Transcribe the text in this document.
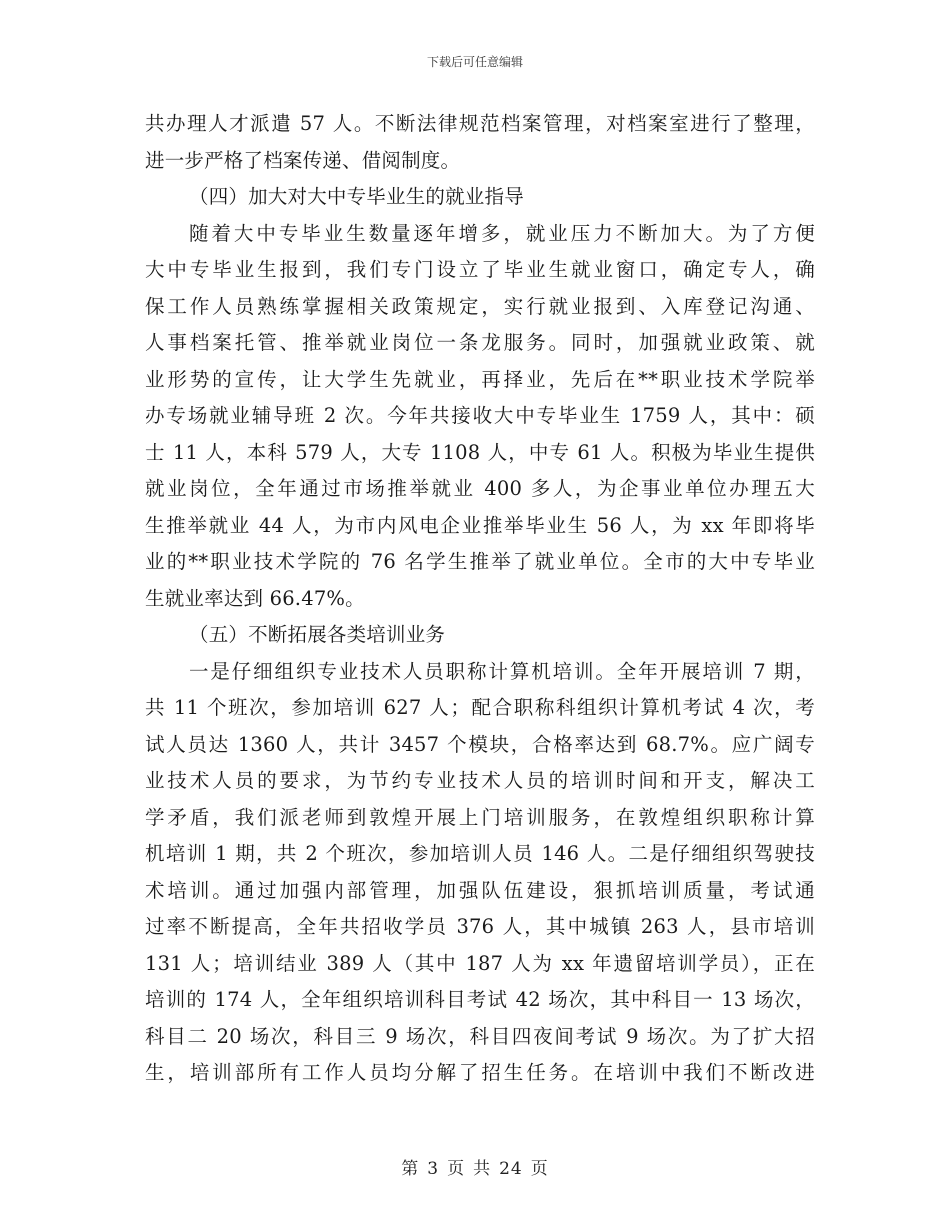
下载后可任意编辑
共办理人才派遣 57 人。不断法律规范档案管理，对档案室进行了整理，
进一步严格了档案传递、借阅制度。
（四）加大对大中专毕业生的就业指导
随着大中专毕业生数量逐年增多，就业压力不断加大。为了方便
大中专毕业生报到，我们专门设立了毕业生就业窗口，确定专人，确
保工作人员熟练掌握相关政策规定，实行就业报到、入库登记沟通、
人事档案托管、推举就业岗位一条龙服务。同时，加强就业政策、就
业形势的宣传，让大学生先就业，再择业，先后在**职业技术学院举
办专场就业辅导班 2 次。今年共接收大中专毕业生 1759 人，其中：硕
士 11 人，本科 579 人，大专 1108 人，中专 61 人。积极为毕业生提供
就业岗位，全年通过市场推举就业 400 多人，为企事业单位办理五大
生推举就业 44 人，为市内风电企业推举毕业生 56 人，为 xx 年即将毕
业的**职业技术学院的 76 名学生推举了就业单位。全市的大中专毕业
生就业率达到 66.47%。
（五）不断拓展各类培训业务
一是仔细组织专业技术人员职称计算机培训。全年开展培训 7 期，
共 11 个班次，参加培训 627 人；配合职称科组织计算机考试 4 次，考
试人员达 1360 人，共计 3457 个模块，合格率达到 68.7%。应广阔专
业技术人员的要求，为节约专业技术人员的培训时间和开支，解决工
学矛盾，我们派老师到敦煌开展上门培训服务，在敦煌组织职称计算
机培训 1 期，共 2 个班次，参加培训人员 146 人。二是仔细组织驾驶技
术培训。通过加强内部管理，加强队伍建设，狠抓培训质量，考试通
过率不断提高，全年共招收学员 376 人，其中城镇 263 人，县市培训
131 人；培训结业 389 人（其中 187 人为 xx 年遗留培训学员），正在
培训的 174 人，全年组织培训科目考试 42 场次，其中科目一 13 场次，
科目二 20 场次，科目三 9 场次，科目四夜间考试 9 场次。为了扩大招
生，培训部所有工作人员均分解了招生任务。在培训中我们不断改进
第 3 页 共 24 页
